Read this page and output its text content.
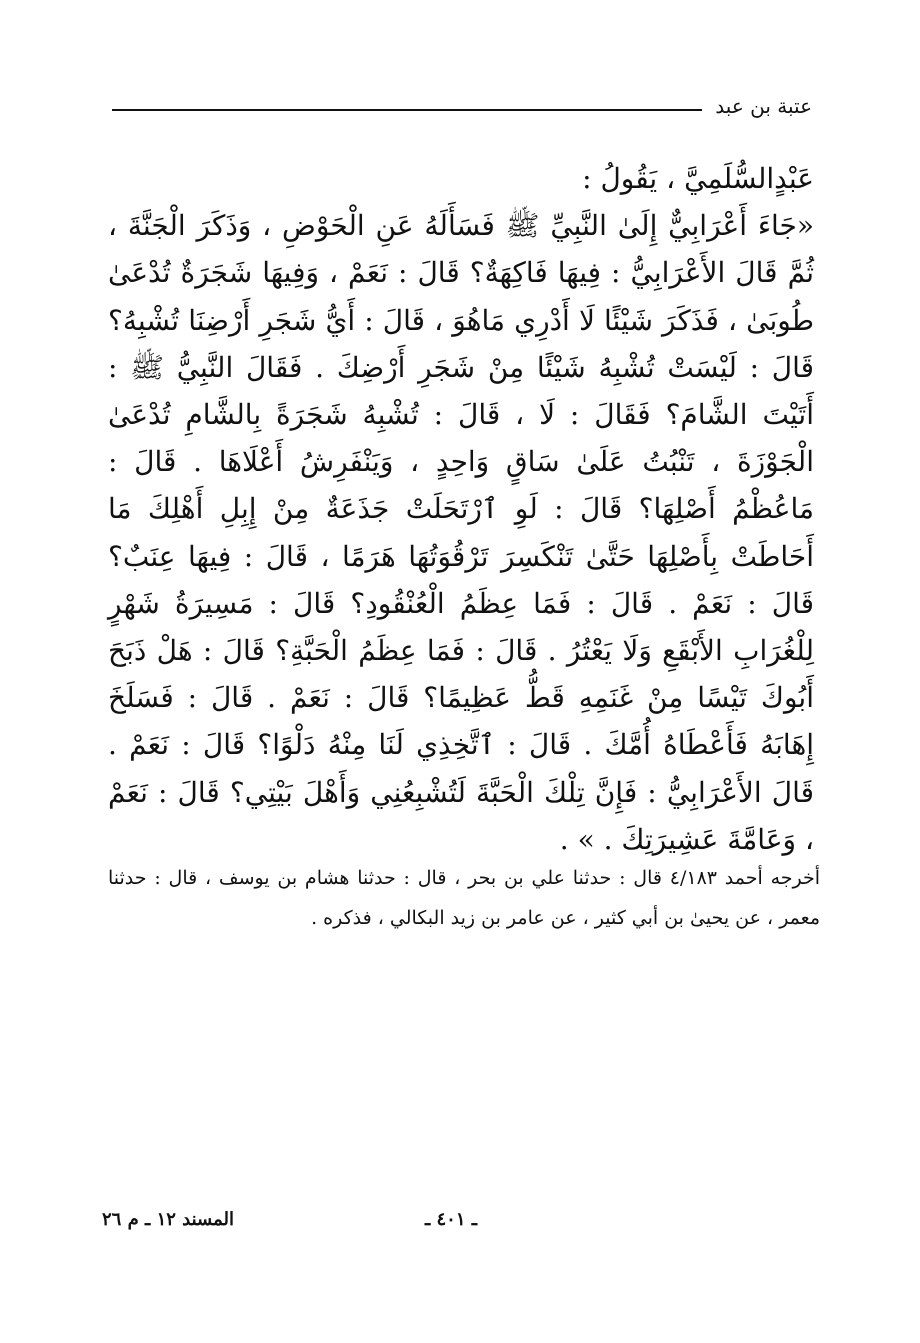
عتبة بن عبد

عَبْدٍالسُّلَمِيَّ ، يَقُولُ :

«جَاءَ أَعْرَابِيٌّ إِلَىٰ النَّبِيِّ ﷺ فَسَأَلَهُ عَنِ الْحَوْضِ ، وَذَكَرَ الْجَنَّةَ ، ثُمَّ قَالَ الأَعْرَابِيُّ : فِيهَا فَاكِهَةٌ؟ قَالَ : نَعَمْ ، وَفِيهَا شَجَرَةٌ تُدْعَىٰ طُوبَىٰ ، فَذَكَرَ شَيْئًا لَا أَدْرِي مَاهُوَ ، قَالَ : أَيُّ شَجَرِ أَرْضِنَا تُشْبِهُ؟ قَالَ : لَيْسَتْ تُشْبِهُ شَيْئًا مِنْ شَجَرِ أَرْضِكَ . فَقَالَ النَّبِيُّ ﷺ : أَتَيْتَ الشَّامَ؟ فَقَالَ : لَا ، قَالَ : تُشْبِهُ شَجَرَةً بِالشَّامِ تُدْعَىٰ الْجَوْزَةَ ، تَنْبُتُ عَلَىٰ سَاقٍ وَاحِدٍ ، وَيَنْفَرِشُ أَعْلَاهَا . قَالَ : مَاعُظْمُ أَصْلِهَا؟ قَالَ : لَوِ ٱرْتَحَلَتْ جَذَعَةٌ مِنْ إِبِلِ أَهْلِكَ مَا أَحَاطَتْ بِأَصْلِهَا حَتَّىٰ تَنْكَسِرَ تَرْقُوَتُهَا هَرَمًا ، قَالَ : فِيهَا عِنَبٌ؟ قَالَ : نَعَمْ . قَالَ : فَمَا عِظَمُ الْعُنْقُودِ؟ قَالَ : مَسِيرَةُ شَهْرٍ لِلْغُرَابِ الأَبْقَعِ وَلَا يَعْتُرُ . قَالَ : فَمَا عِظَمُ الْحَبَّةِ؟ قَالَ : هَلْ ذَبَحَ أَبُوكَ تَيْسًا مِنْ غَنَمِهِ قَطُّ عَظِيمًا؟ قَالَ : نَعَمْ . قَالَ : فَسَلَخَ إِهَابَهُ فَأَعْطَاهُ أُمَّكَ . قَالَ : ٱتَّخِذِي لَنَا مِنْهُ دَلْوًا؟ قَالَ : نَعَمْ . قَالَ الأَعْرَابِيُّ : فَإِنَّ تِلْكَ الْحَبَّةَ لَتُشْبِعُنِي وَأَهْلَ بَيْتِي؟ قَالَ : نَعَمْ ، وَعَامَّةَ عَشِيرَتِكَ . » .

أخرجه أحمد ٤/١٨٣ قال : حدثنا علي بن بحر ، قال : حدثنا هشام بن يوسف ، قال : حدثنا معمر ، عن يحيىٰ بن أبي كثير ، عن عامر بن زيد البكالي ، فذكره .

ـ ٤٠١ ـ
المسند ١٢ ـ م ٢٦
